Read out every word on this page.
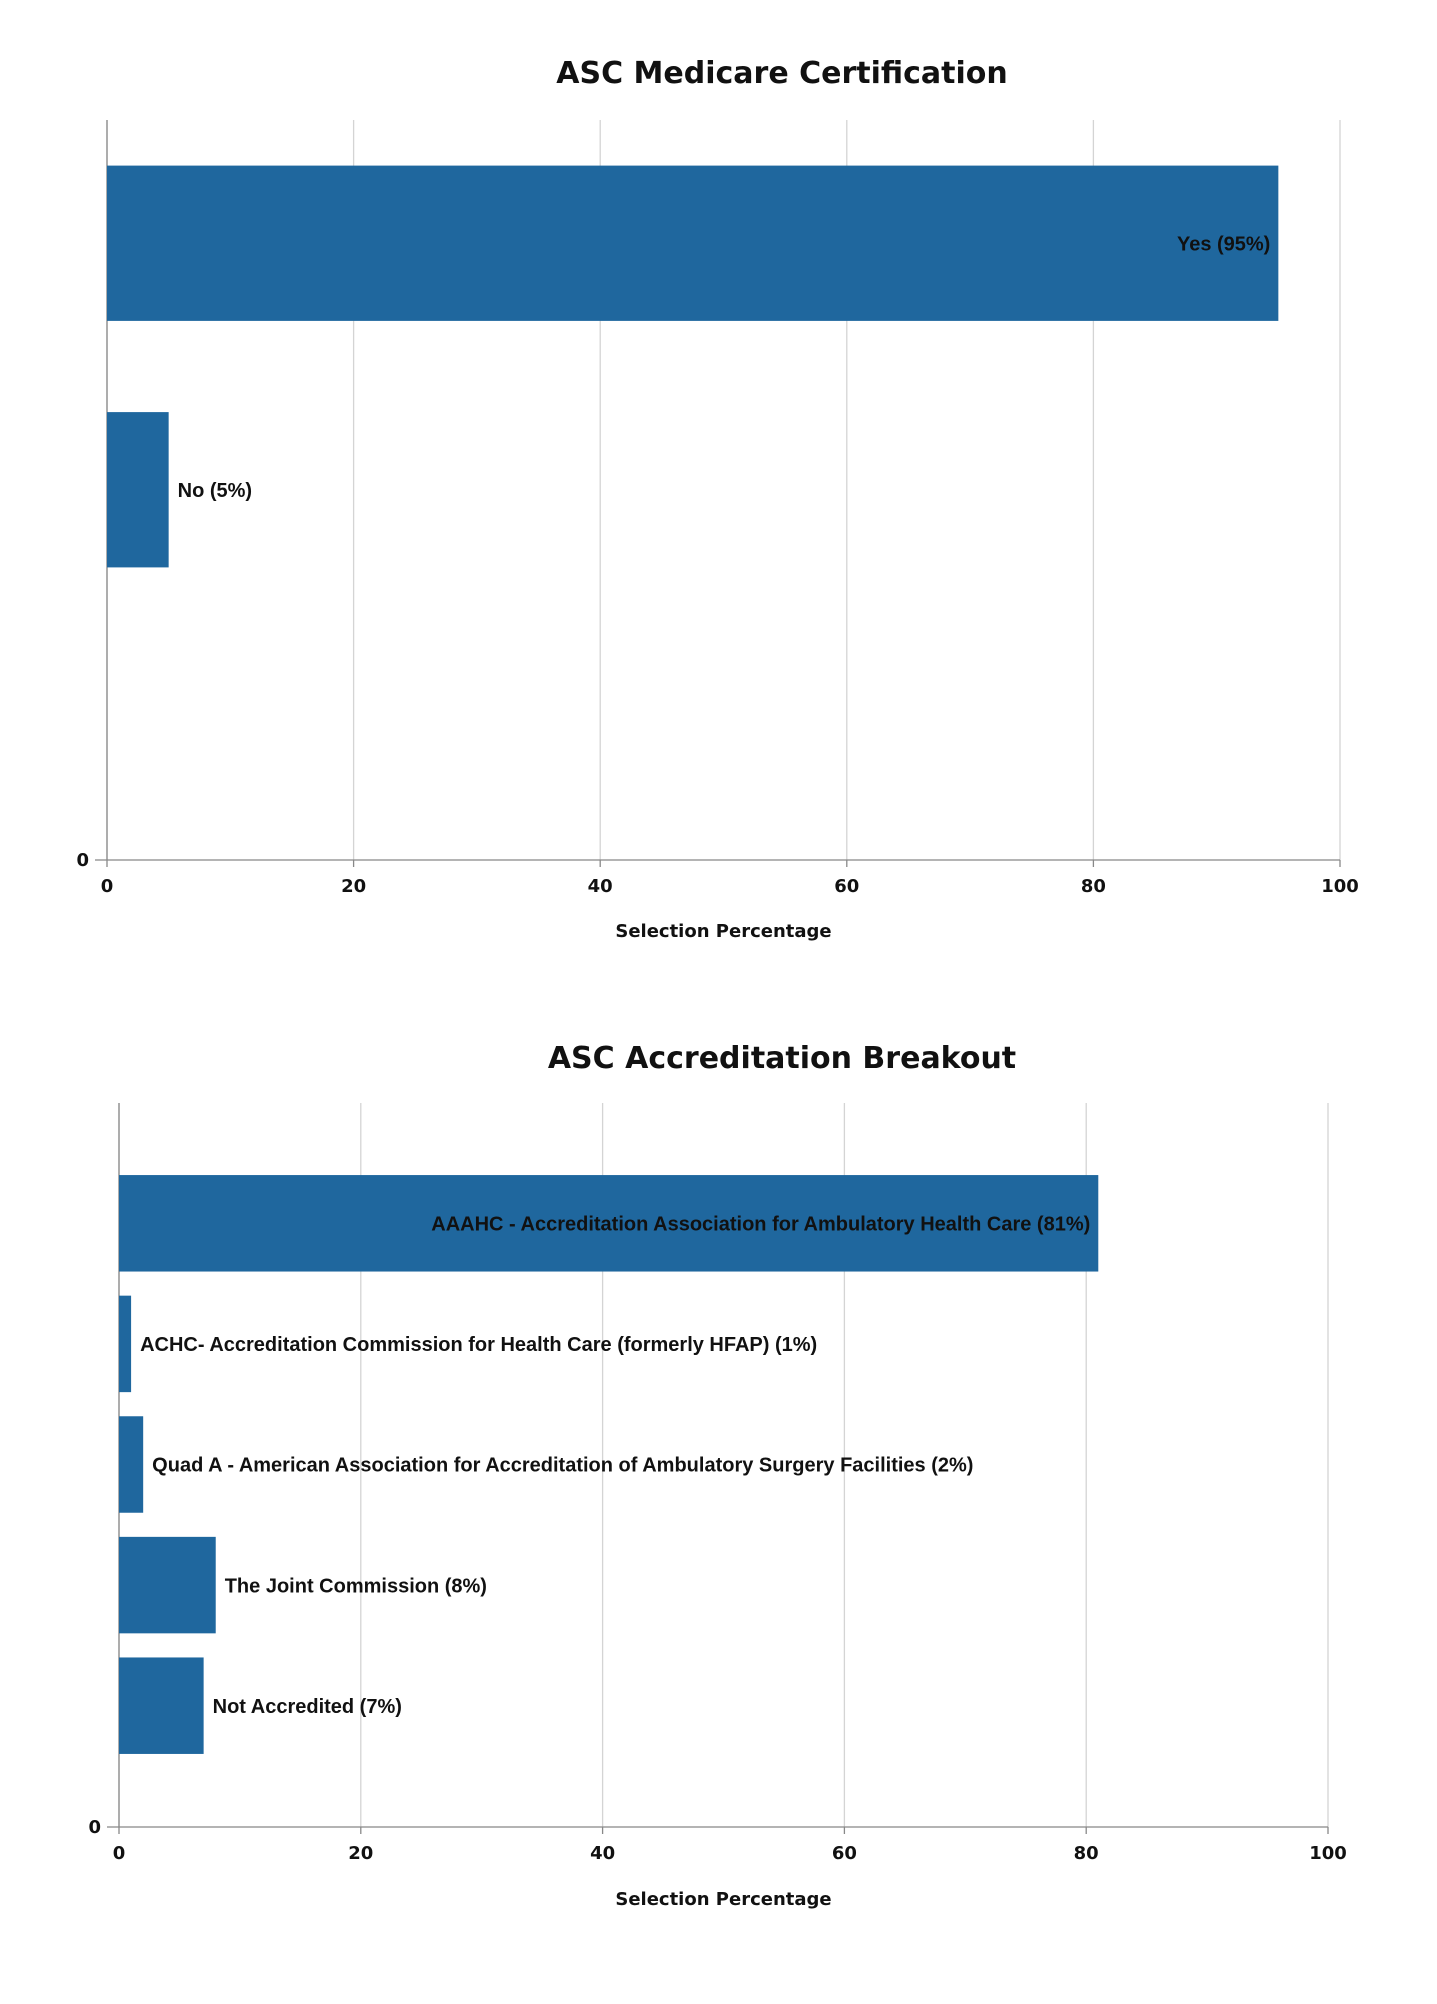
ASC Medicare Certification
0	20	40	60	80	100
0
Selection Percentage
Yes (95%)
No (5%)
ASC Accreditation Breakout
0	20	40	60	80	100
0
Selection Percentage
AAAHC - Accreditation Association for Ambulatory Health Care (81%)
ACHC- Accreditation Commission for Health Care (formerly HFAP) (1%)
Quad A - American Association for Accreditation of Ambulatory Surgery Facilities (2%)
The Joint Commission (8%)
Not Accredited (7%)
